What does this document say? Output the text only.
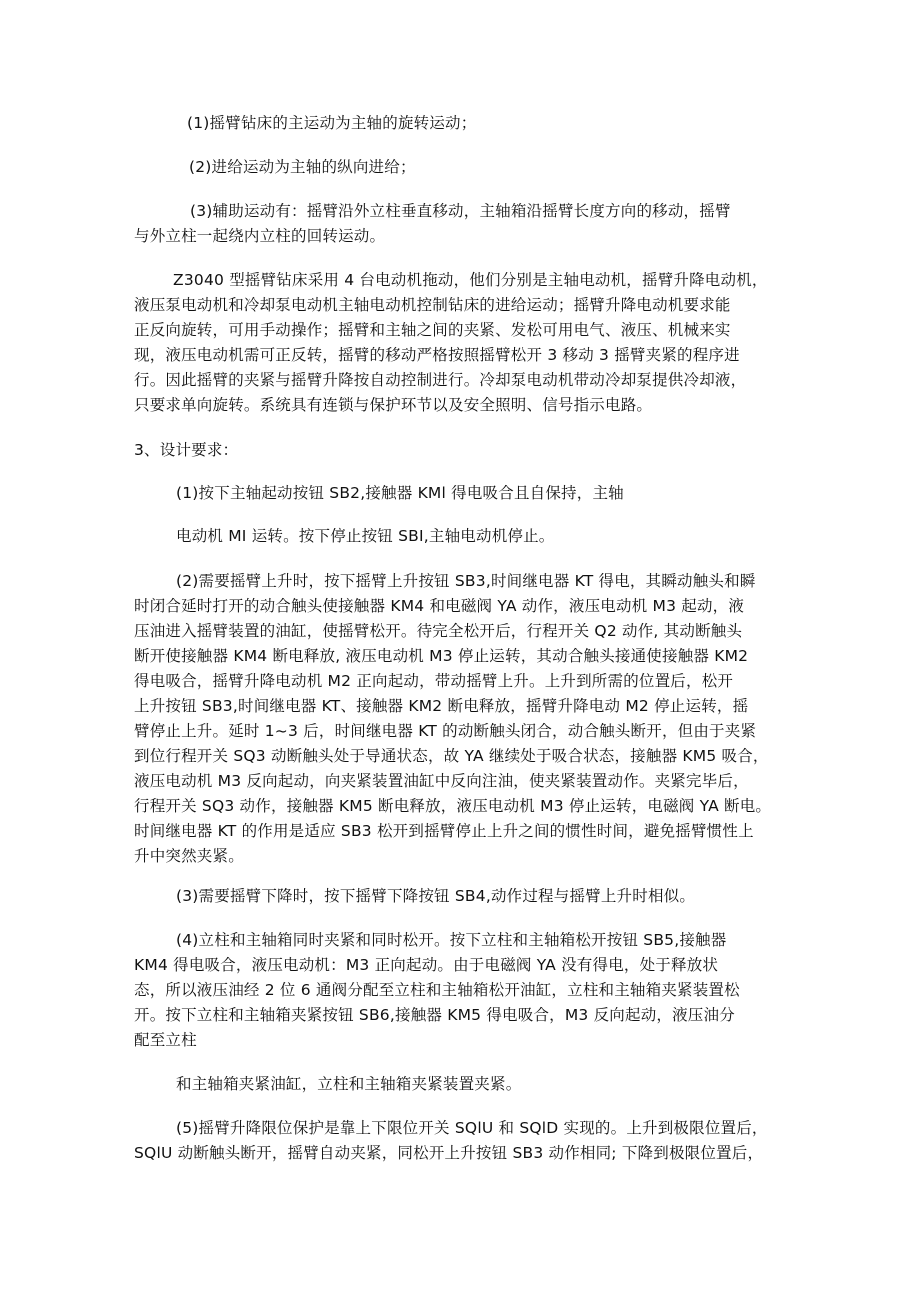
(1)摇臂钻床的主运动为主轴的旋转运动；
(2)进给运动为主轴的纵向进给；
(3)辅助运动有：摇臂沿外立柱垂直移动，主轴箱沿摇臂长度方向的移动，摇臂
与外立柱一起绕内立柱的回转运动。
Z3040 型摇臂钻床采用 4 台电动机拖动，他们分别是主轴电动机，摇臂升降电动机，
液压泵电动机和冷却泵电动机主轴电动机控制钻床的进给运动；摇臂升降电动机要求能
正反向旋转，可用手动操作；摇臂和主轴之间的夹紧、发松可用电气、液压、机械来实
现，液压电动机需可正反转，摇臂的移动严格按照摇臂松开 3 移动 3 摇臂夹紧的程序进
行。因此摇臂的夹紧与摇臂升降按自动控制进行。冷却泵电动机带动冷却泵提供冷却液，
只要求单向旋转。系统具有连锁与保护环节以及安全照明、信号指示电路。
3、设计要求：
(1)按下主轴起动按钮 SB2,接触器 KMl 得电吸合且自保持，主轴
电动机 MI 运转。按下停止按钮 SBI,主轴电动机停止。
(2)需要摇臂上升时，按下摇臂上升按钮 SB3,时间继电器 KT 得电，其瞬动触头和瞬
时闭合延时打开的动合触头使接触器 KM4 和电磁阀 YA 动作，液压电动机 M3 起动，液
压油进入摇臂装置的油缸，使摇臂松开。待完全松开后，行程开关 Q2 动作, 其动断触头
断开使接触器 KM4 断电释放, 液压电动机 M3 停止运转，其动合触头接通使接触器 KM2
得电吸合，摇臂升降电动机 M2 正向起动，带动摇臂上升。上升到所需的位置后，松开
上升按钮 SB3,时间继电器 KT、接触器 KM2 断电释放，摇臂升降电动 M2 停止运转，摇
臂停止上升。延时 1~3 后，时间继电器 KT 的动断触头闭合，动合触头断开，但由于夹紧
到位行程开关 SQ3 动断触头处于导通状态，故 YA 继续处于吸合状态，接触器 KM5 吸合，
液压电动机 M3 反向起动，向夹紧装置油缸中反向注油，使夹紧装置动作。夹紧完毕后，
行程开关 SQ3 动作，接触器 KM5 断电释放，液压电动机 M3 停止运转，电磁阀 YA 断电。
时间继电器 KT 的作用是适应 SB3 松开到摇臂停止上升之间的惯性时间，避免摇臂惯性上
升中突然夹紧。
(3)需要摇臂下降时，按下摇臂下降按钮 SB4,动作过程与摇臂上升时相似。
(4)立柱和主轴箱同时夹紧和同时松开。按下立柱和主轴箱松开按钮 SB5,接触器
KM4 得电吸合，液压电动机：M3 正向起动。由于电磁阀 YA 没有得电，处于释放状
态，所以液压油经 2 位 6 通阀分配至立柱和主轴箱松开油缸，立柱和主轴箱夹紧装置松
开。按下立柱和主轴箱夹紧按钮 SB6,接触器 KM5 得电吸合，M3 反向起动，液压油分
配至立柱
和主轴箱夹紧油缸，立柱和主轴箱夹紧装置夹紧。
(5)摇臂升降限位保护是靠上下限位开关 SQlU 和 SQlD 实现的。上升到极限位置后，
SQlU 动断触头断开，摇臂自动夹紧，同松开上升按钮 SB3 动作相同; 下降到极限位置后，
